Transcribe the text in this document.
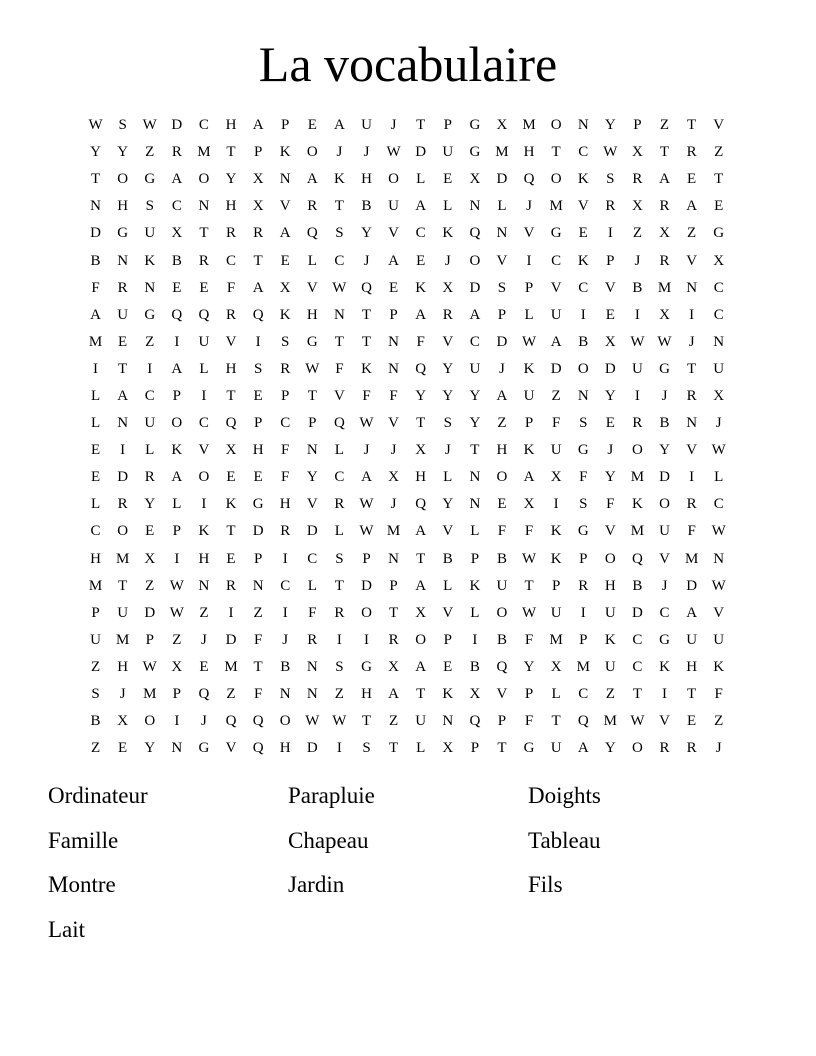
La vocabulaire
W	S	W	D	C	H	A	P	E	A	U	J	T	P	G	X	M	O	N	Y	P	Z	T	V
Y	Y	Z	R	M	T	P	K	O	J	J	W	D	U	G	M	H	T	C	W	X	T	R	Z
T	O	G	A	O	Y	X	N	A	K	H	O	L	E	X	D	Q	O	K	S	R	A	E	T
N	H	S	C	N	H	X	V	R	T	B	U	A	L	N	L	J	M	V	R	X	R	A	E
D	G	U	X	T	R	R	A	Q	S	Y	V	C	K	Q	N	V	G	E	I	Z	X	Z	G
B	N	K	B	R	C	T	E	L	C	J	A	E	J	O	V	I	C	K	P	J	R	V	X
F	R	N	E	E	F	A	X	V	W	Q	E	K	X	D	S	P	V	C	V	B	M	N	C
A	U	G	Q	Q	R	Q	K	H	N	T	P	A	R	A	P	L	U	I	E	I	X	I	C
M	E	Z	I	U	V	I	S	G	T	T	N	F	V	C	D	W	A	B	X	W	W	J	N
I	T	I	A	L	H	S	R	W	F	K	N	Q	Y	U	J	K	D	O	D	U	G	T	U
L	A	C	P	I	T	E	P	T	V	F	F	Y	Y	Y	A	U	Z	N	Y	I	J	R	X
L	N	U	O	C	Q	P	C	P	Q	W	V	T	S	Y	Z	P	F	S	E	R	B	N	J
E	I	L	K	V	X	H	F	N	L	J	J	X	J	T	H	K	U	G	J	O	Y	V	W
E	D	R	A	O	E	E	F	Y	C	A	X	H	L	N	O	A	X	F	Y	M	D	I	L
L	R	Y	L	I	K	G	H	V	R	W	J	Q	Y	N	E	X	I	S	F	K	O	R	C
C	O	E	P	K	T	D	R	D	L	W	M	A	V	L	F	F	K	G	V	M	U	F	W
H	M	X	I	H	E	P	I	C	S	P	N	T	B	P	B	W	K	P	O	Q	V	M	N
M	T	Z	W	N	R	N	C	L	T	D	P	A	L	K	U	T	P	R	H	B	J	D	W
P	U	D	W	Z	I	Z	I	F	R	O	T	X	V	L	O	W	U	I	U	D	C	A	V
U	M	P	Z	J	D	F	J	R	I	I	R	O	P	I	B	F	M	P	K	C	G	U	U
Z	H	W	X	E	M	T	B	N	S	G	X	A	E	B	Q	Y	X	M	U	C	K	H	K
S	J	M	P	Q	Z	F	N	N	Z	H	A	T	K	X	V	P	L	C	Z	T	I	T	F
B	X	O	I	J	Q	Q	O	W	W	T	Z	U	N	Q	P	F	T	Q	M	W	V	E	Z
Z	E	Y	N	G	V	Q	H	D	I	S	T	L	X	P	T	G	U	A	Y	O	R	R	J
Ordinateur	Parapluie	Doights
Famille	Chapeau	Tableau
Montre	Jardin	Fils
Lait
